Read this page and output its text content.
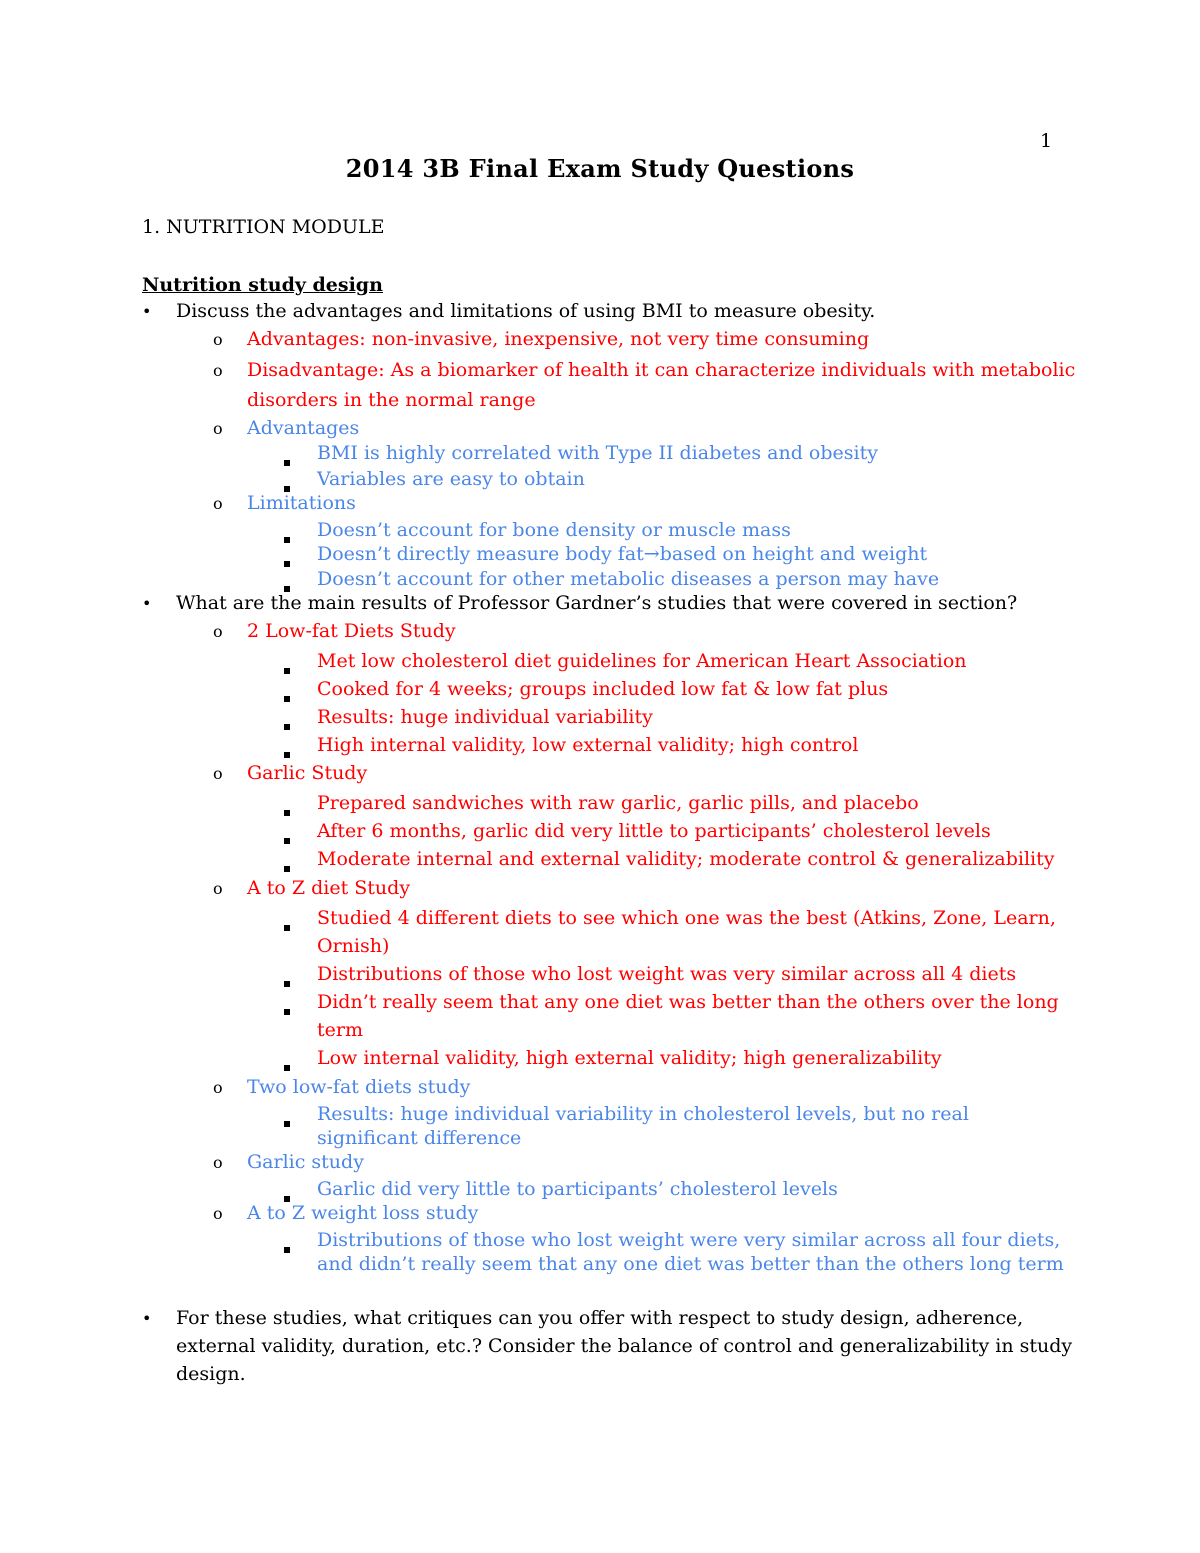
1
2014 3B Final Exam Study Questions
1. NUTRITION MODULE
Nutrition study design
• Discuss the advantages and limitations of using BMI to measure obesity.
o Advantages: non-invasive, inexpensive, not very time consuming
o Disadvantage: As a biomarker of health it can characterize individuals with metabolic
disorders in the normal range
o Advantages
BMI is highly correlated with Type II diabetes and obesity
Variables are easy to obtain
o Limitations
Doesn’t account for bone density or muscle mass
Doesn’t directly measure body fat→based on height and weight
Doesn’t account for other metabolic diseases a person may have
• What are the main results of Professor Gardner’s studies that were covered in section?
o 2 Low-fat Diets Study
Met low cholesterol diet guidelines for American Heart Association
Cooked for 4 weeks; groups included low fat & low fat plus
Results: huge individual variability
High internal validity, low external validity; high control
o Garlic Study
Prepared sandwiches with raw garlic, garlic pills, and placebo
After 6 months, garlic did very little to participants’ cholesterol levels
Moderate internal and external validity; moderate control & generalizability
o A to Z diet Study
Studied 4 different diets to see which one was the best (Atkins, Zone, Learn,
Ornish)
Distributions of those who lost weight was very similar across all 4 diets
Didn’t really seem that any one diet was better than the others over the long
term
Low internal validity, high external validity; high generalizability
o Two low-fat diets study
Results: huge individual variability in cholesterol levels, but no real
significant difference
o Garlic study
Garlic did very little to participants’ cholesterol levels
o A to Z weight loss study
Distributions of those who lost weight were very similar across all four diets,
and didn’t really seem that any one diet was better than the others long term
• For these studies, what critiques can you offer with respect to study design, adherence,
external validity, duration, etc.? Consider the balance of control and generalizability in study
design.
